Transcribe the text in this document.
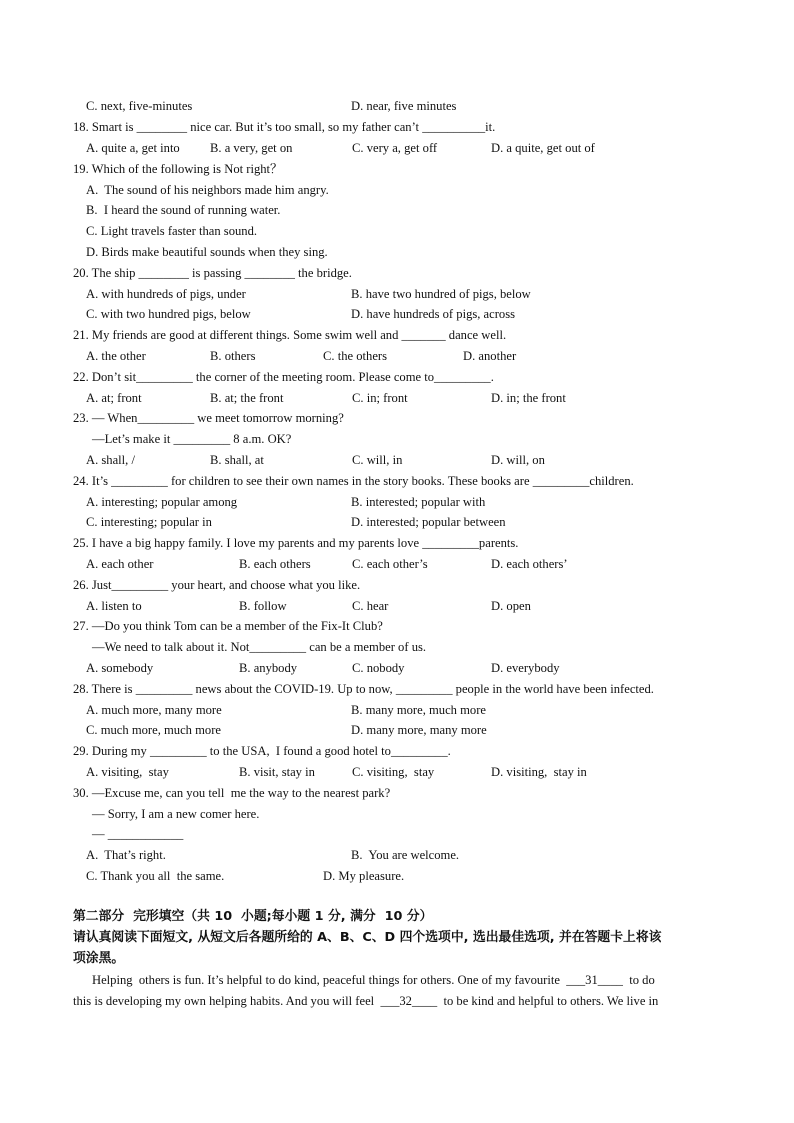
C. next, five-minutes	D. near, five minutes
18. Smart is ________ nice car. But it’s too small, so my father can’t __________it.
A. quite a, get into B. a very, get on	C. very a, get off	D. a quite, get out of
19. Which of the following is Not right？
A.  The sound of his neighbors made him angry.
B.  I heard the sound of running water.
C. Light travels faster than sound.
D. Birds make beautiful sounds when they sing.
20. The ship ________ is passing ________ the bridge.
A. with hundreds of pigs, under	B. have two hundred of pigs, below
C. with two hundred pigs, below	D. have hundreds of pigs, across
21. My friends are good at different things. Some swim well and _______ dance well.
A. the other	B. others	C. the others	D. another
22. Don’t sit_________ the corner of the meeting room. Please come to_________.
A. at; front	B. at; the front	C. in; front	D. in; the front
23. — When_________ we meet tomorrow morning?
—Let’s make it _________ 8 a.m. OK?
A. shall, /	B. shall, at	C. will, in	D. will, on
24. It’s _________ for children to see their own names in the story books. These books are _________children.
A. interesting; popular among	B. interested; popular with
C. interesting; popular in	D. interested; popular between
25. I have a big happy family. I love my parents and my parents love _________parents.
A. each other	B. each others	C. each other’s	D. each others’
26. Just_________ your heart, and choose what you like.
A. listen to	B. follow	C. hear	D. open
27. —Do you think Tom can be a member of the Fix-It Club?
—We need to talk about it. Not_________ can be a member of us.
A. somebody	B. anybody	C. nobody	D. everybody
28. There is _________ news about the COVID-19. Up to now, _________ people in the world have been infected.
A. much more, many more	B. many more, much more
C. much more, much more	D. many more, many more
29. During my _________ to the USA,  I found a good hotel to_________.
A. visiting,  stay	B. visit, stay in	C. visiting,  stay	D. visiting,  stay in
30. —Excuse me, can you tell  me the way to the nearest park?
— Sorry, I am a new comer here.
— ____________
A.  That’s right.	B.  You are welcome.
C. Thank you all  the same.	D. My pleasure.
第二部分  完形填空（共 10  小题;每小题 1 分, 满分  10 分）
请认真阅读下面短文, 从短文后各题所给的 A、B、C、D 四个选项中, 选出最佳选项, 并在答题卡上将该
项涂黑。
Helping  others is fun. It’s helpful to do kind, peaceful things for others. One of my favourite  ___31____  to do
this is developing my own helping habits. And you will feel  ___32____  to be kind and helpful to others. We live in
